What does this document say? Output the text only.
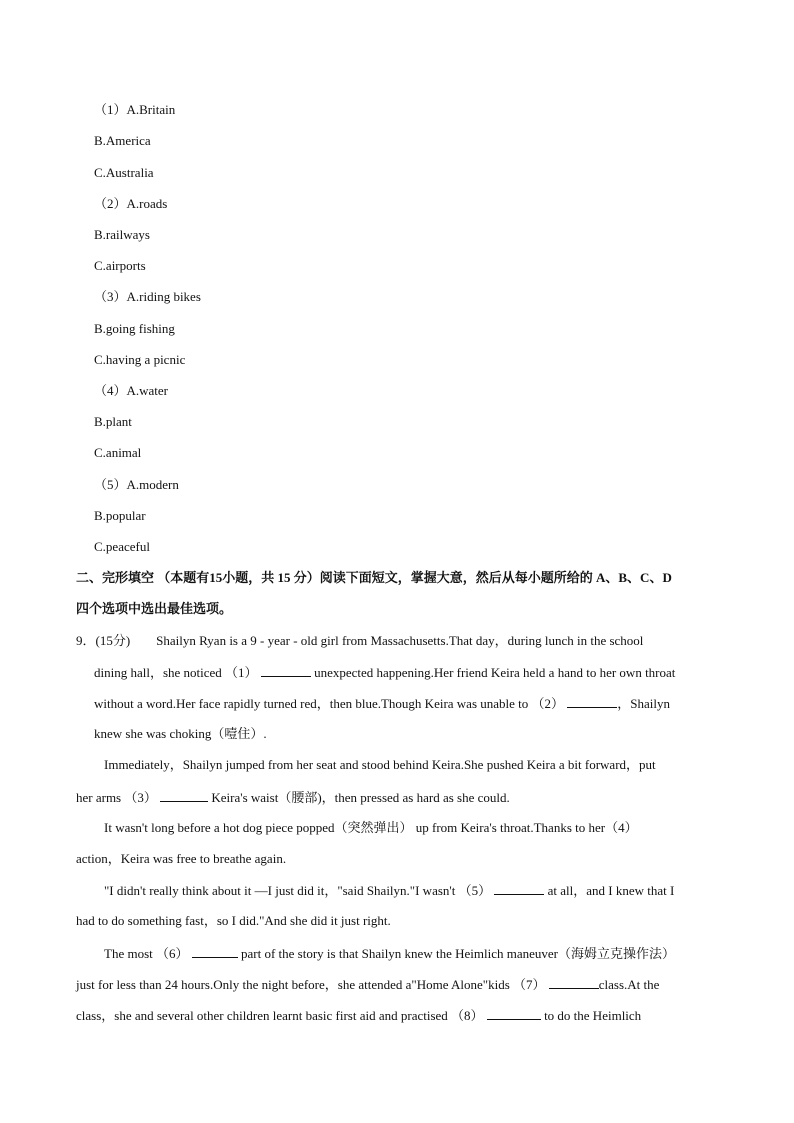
（1）A.Britain
B.America
C.Australia
（2）A.roads
B.railways
C.airports
（3）A.riding bikes
B.going fishing
C.having a picnic
（4）A.water
B.plant
C.animal
（5）A.modern
B.popular
C.peaceful
二、完形填空 （本题有15小题，共 15 分）阅读下面短文，掌握大意，然后从每小题所给的 A、B、C、D
四个选项中选出最佳选项。
9．(15分) Shailyn Ryan is a 9 - year - old girl from Massachusetts.That day，during lunch in the school
dining hall，she noticed （1）	unexpected happening.Her friend Keira held a hand to her own throat
without a word.Her face rapidly turned red，then blue.Though Keira was unable to （2）	，Shailyn
knew she was choking（噎住）.
Immediately，Shailyn jumped from her seat and stood behind Keira.She pushed Keira a bit forward，put
her arms （3）	Keira's waist（腰部)，then pressed as hard as she could.
It wasn't long before a hot dog piece popped（突然弹出） up from Keira's throat.Thanks to her（4）
action，Keira was free to breathe again.
"I didn't really think about it —I just did it，"said Shailyn."I wasn't （5）	at all，and I knew that I
had to do something fast，so I did."And she did it just right.
The most （6）	part of the story is that Shailyn knew the Heimlich maneuver（海姆立克操作法）
just for less than 24 hours.Only the night before，she attended a"Home Alone"kids （7）	class.At the
class，she and several other children learnt basic first aid and practised （8）	to do the Heimlich
